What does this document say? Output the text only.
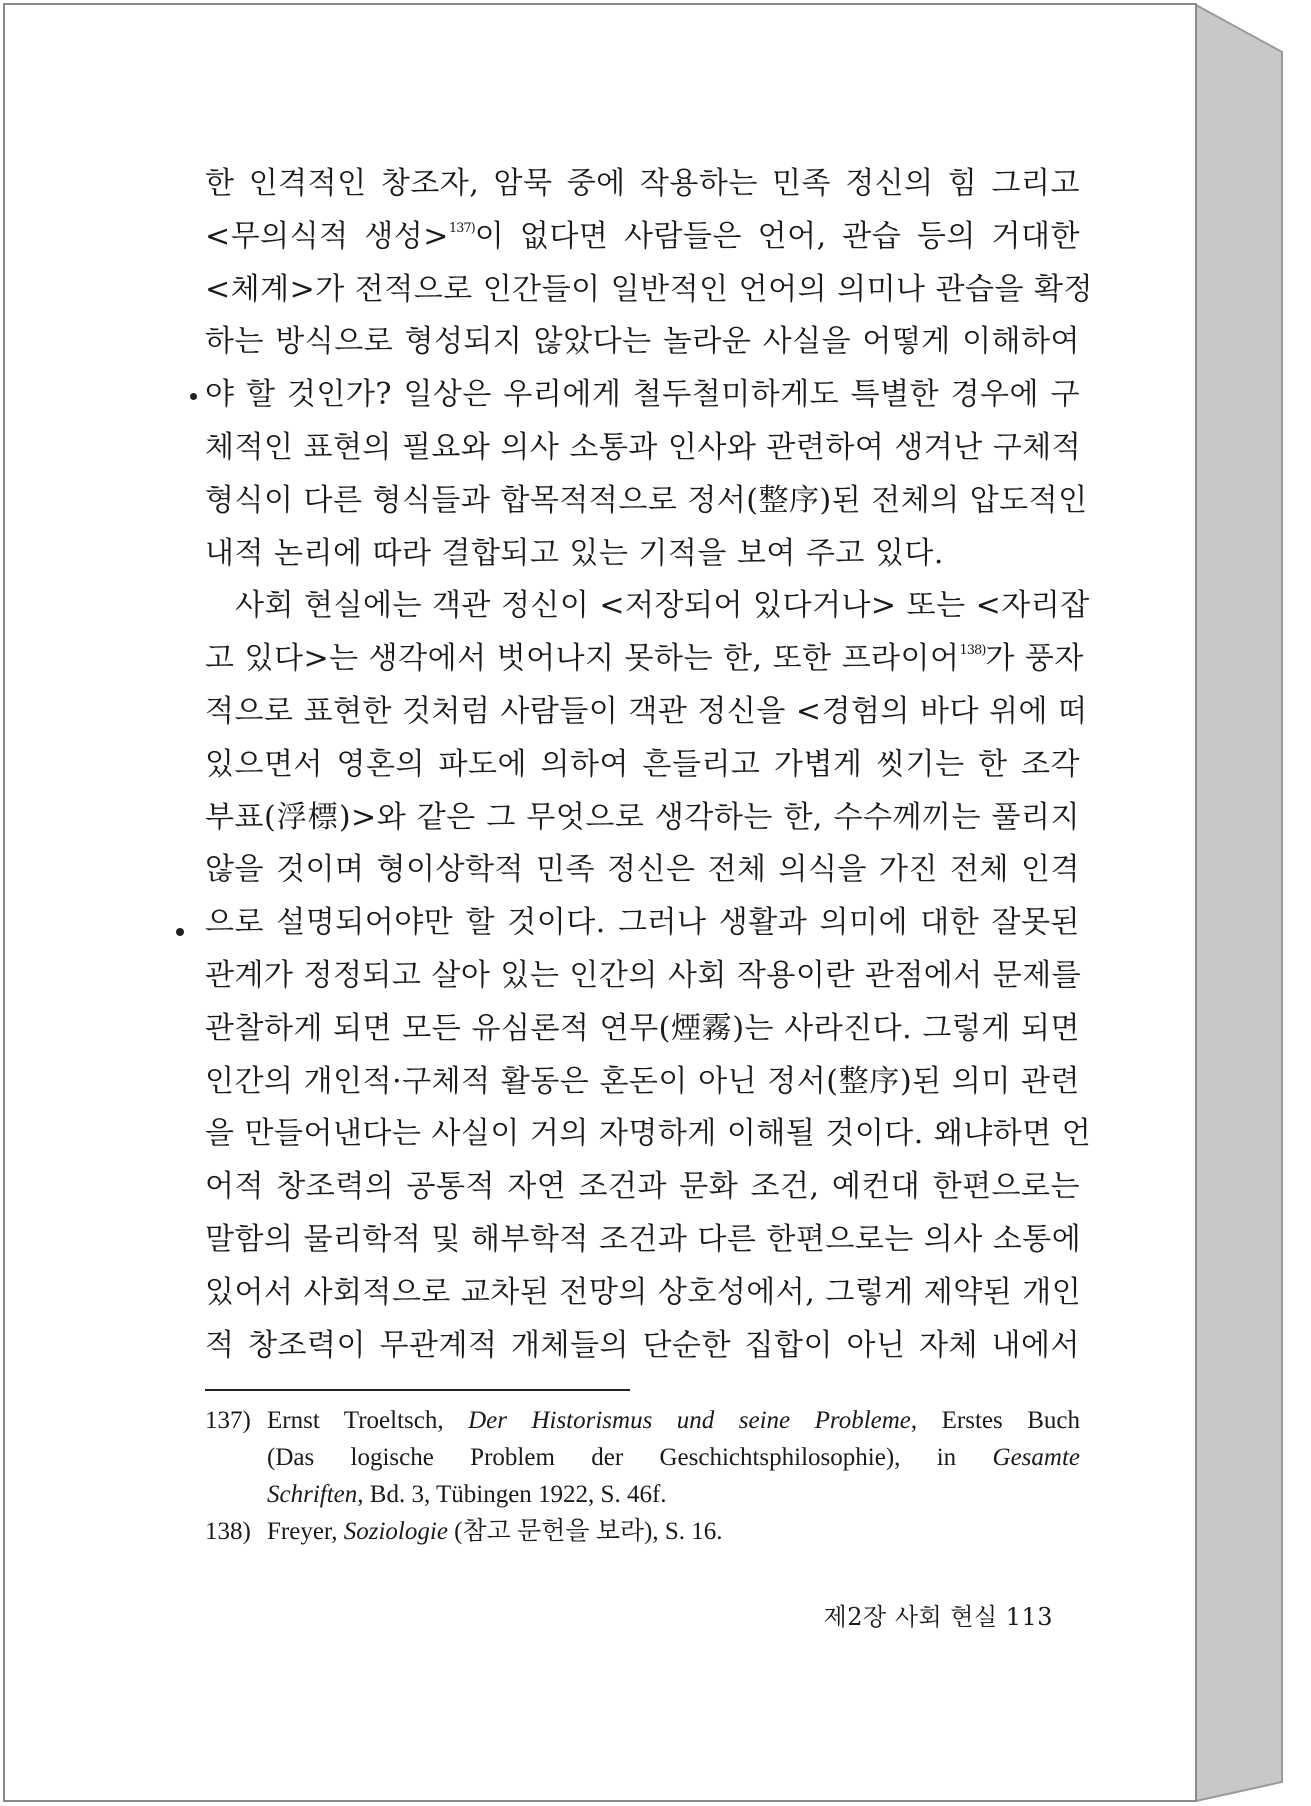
한 인격적인 창조자, 암묵 중에 작용하는 민족 정신의 힘 그리고
<무의식적 생성>$^{137)}$이 없다면 사람들은 언어, 관습 등의 거대한
<체계>가 전적으로 인간들이 일반적인 언어의 의미나 관습을 확정
하는 방식으로 형성되지 않았다는 놀라운 사실을 어떻게 이해하여
야 할 것인가? 일상은 우리에게 철두철미하게도 특별한 경우에 구
체적인 표현의 필요와 의사 소통과 인사와 관련하여 생겨난 구체적
형식이 다른 형식들과 합목적적으로 정서(整序)된 전체의 압도적인
내적 논리에 따라 결합되고 있는 기적을 보여 주고 있다.
사회 현실에는 객관 정신이 <저장되어 있다거나> 또는 <자리잡
고 있다>는 생각에서 벗어나지 못하는 한, 또한 프라이어$^{138)}$가 풍자
적으로 표현한 것처럼 사람들이 객관 정신을 <경험의 바다 위에 떠
있으면서 영혼의 파도에 의하여 흔들리고 가볍게 씻기는 한 조각
부표(浮標)>와 같은 그 무엇으로 생각하는 한, 수수께끼는 풀리지
않을 것이며 형이상학적 민족 정신은 전체 의식을 가진 전체 인격
으로 설명되어야만 할 것이다. 그러나 생활과 의미에 대한 잘못된
관계가 정정되고 살아 있는 인간의 사회 작용이란 관점에서 문제를
관찰하게 되면 모든 유심론적 연무(煙霧)는 사라진다. 그렇게 되면
인간의 개인적·구체적 활동은 혼돈이 아닌 정서(整序)된 의미 관련
을 만들어낸다는 사실이 거의 자명하게 이해될 것이다. 왜냐하면 언
어적 창조력의 공통적 자연 조건과 문화 조건, 예컨대 한편으로는
말함의 물리학적 및 해부학적 조건과 다른 한편으로는 의사 소통에
있어서 사회적으로 교차된 전망의 상호성에서, 그렇게 제약된 개인
적 창조력이 무관계적 개체들의 단순한 집합이 아닌 자체 내에서
137) Ernst Troeltsch, Der Historismus und seine Probleme, Erstes Buch
(Das logische Problem der Geschichtsphilosophie), in Gesamte
Schriften, Bd. 3, Tübingen 1922, S. 46f.
138) Freyer, Soziologie (참고 문헌을 보라), S. 16.
제2장 사회 현실 113
